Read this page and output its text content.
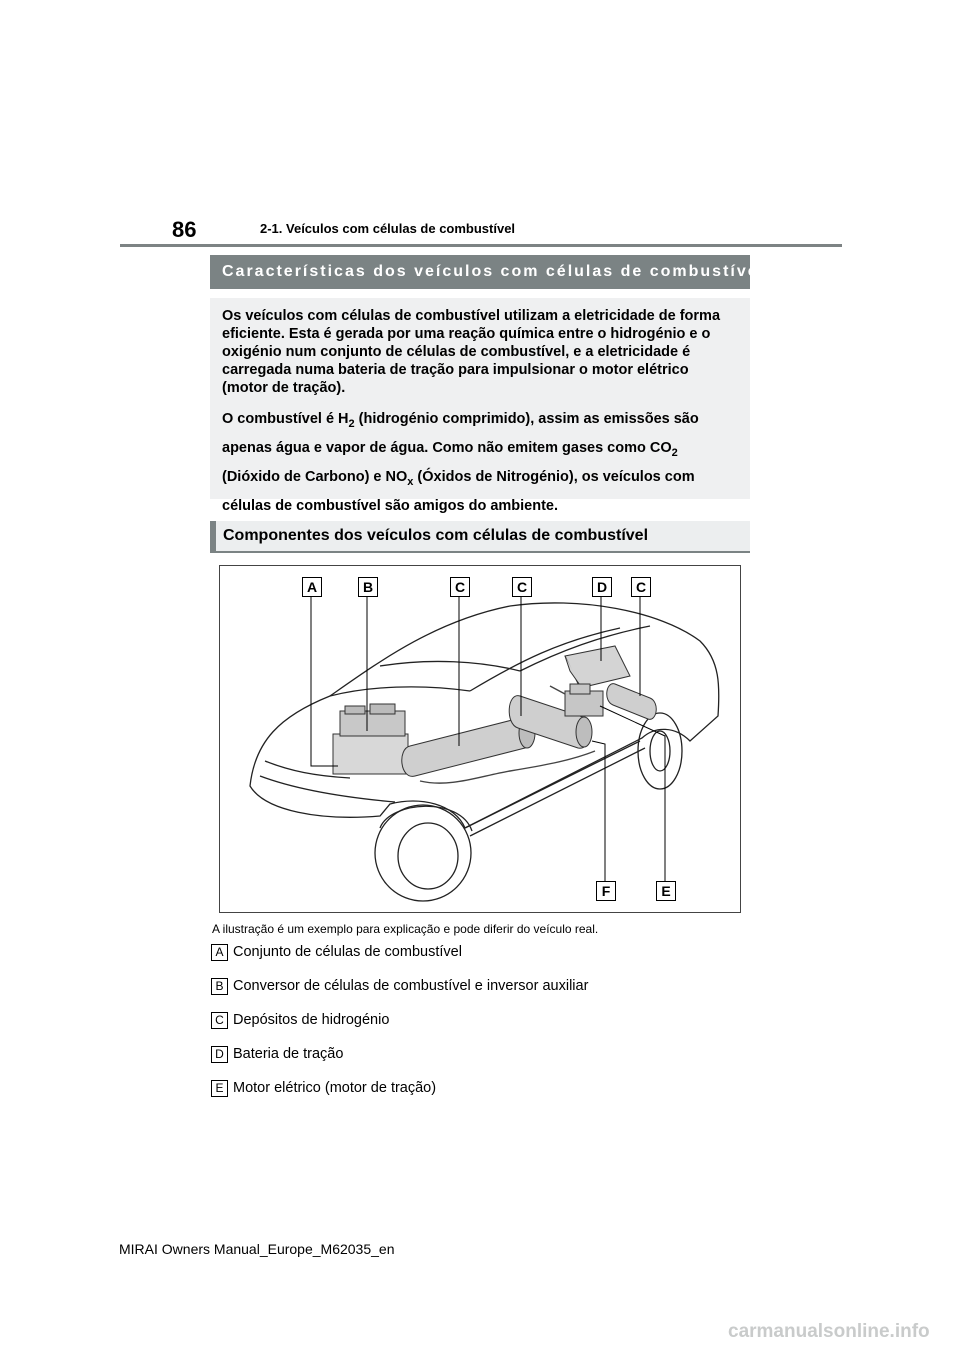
86	2-1. Veículos com células de combustível
Características dos veículos com células de combustível

Os veículos com células de combustível utilizam a eletricidade de forma eficiente. Esta é gerada por uma reação química entre o hidrogénio e o oxigénio num conjunto de células de combustível, e a eletricidade é carregada numa bateria de tração para impulsionar o motor elétrico (motor de tração).

O combustível é $H_2$ (hidrogénio comprimido), assim as emissões são apenas água e vapor de água. Como não emitem gases como $CO_2$ (Dióxido de Carbono) e $NO_x$ (Óxidos de Nitrogénio), os veículos com células de combustível são amigos do ambiente.

Componentes dos veículos com células de combustível
A	B	C	C	D	C
F	E
A ilustração é um exemplo para explicação e pode diferir do veículo real.
A Conjunto de células de combustível
B Conversor de células de combustível e inversor auxiliar
C Depósitos de hidrogénio
D Bateria de tração
E Motor elétrico (motor de tração)
MIRAI Owners Manual_Europe_M62035_en
carmanualsonline.info
